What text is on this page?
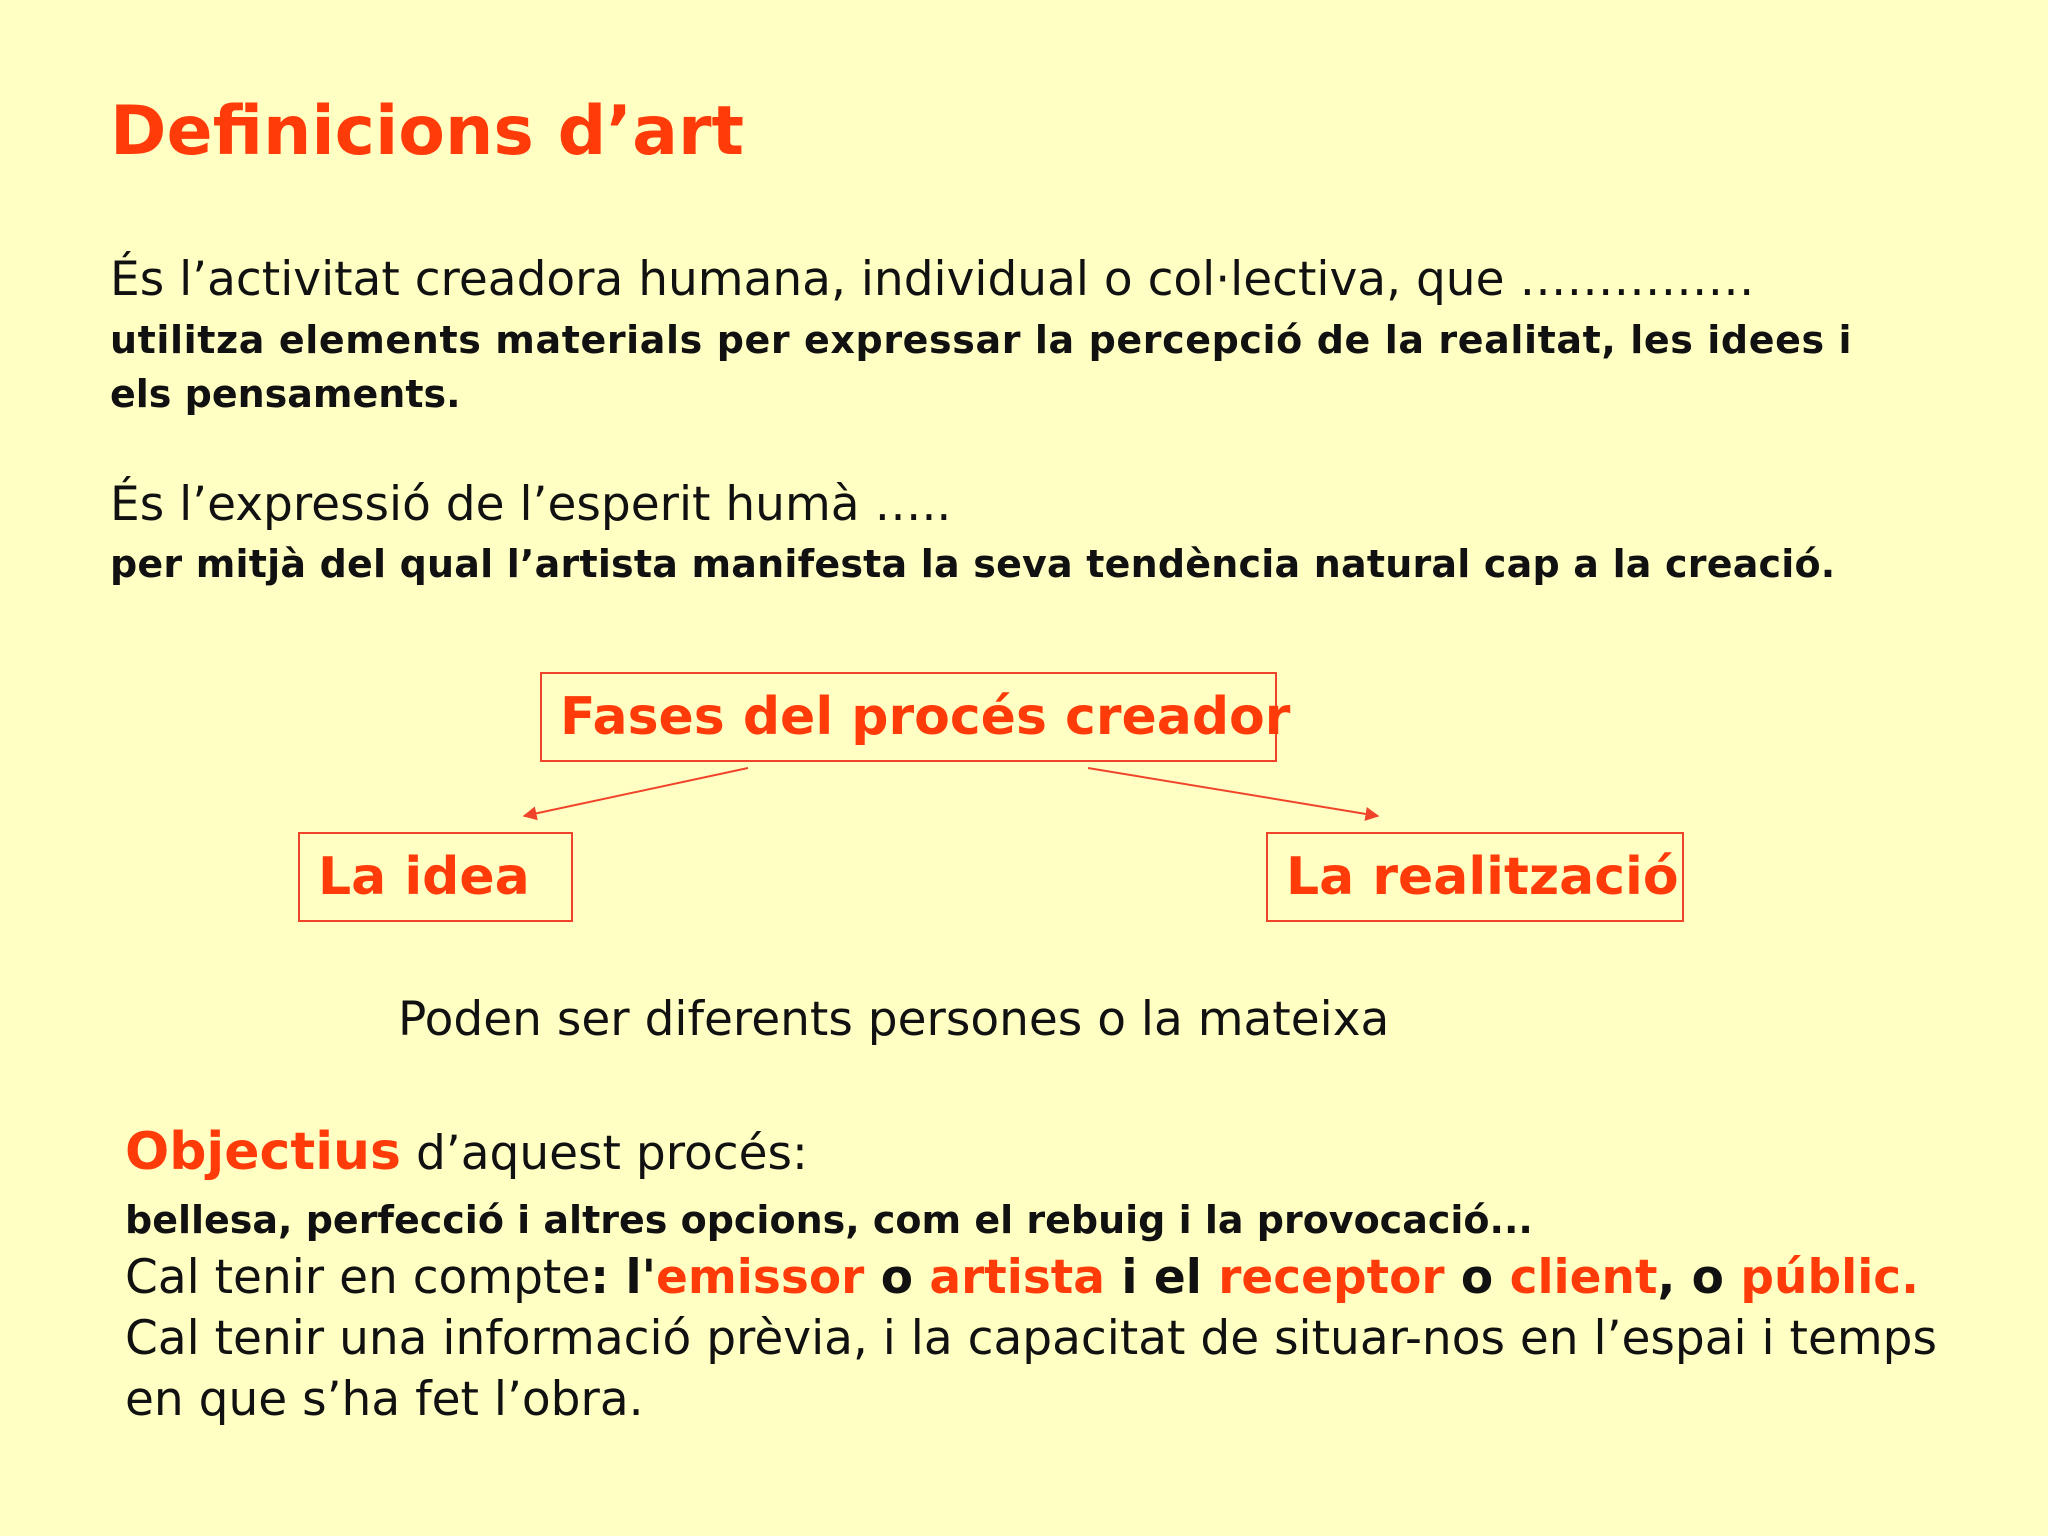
Definicions d’art
És l’activitat creadora humana, individual o col·lectiva, que ……………
utilitza elements materials per expressar la percepció de la realitat, les idees i
els pensaments.
És l’expressió de l’esperit humà …..
per mitjà del qual l’artista manifesta la seva tendència natural cap a la creació.
Fases del procés creador
La idea	La realització
Poden ser diferents persones o la mateixa
Objectius d’aquest procés:
bellesa, perfecció i altres opcions, com el rebuig i la provocació...
Cal tenir en compte: l'emissor o artista i el receptor o client, o públic.
Cal tenir una informació prèvia, i la capacitat de situar-nos en l’espai i temps
en que s’ha fet l’obra.
